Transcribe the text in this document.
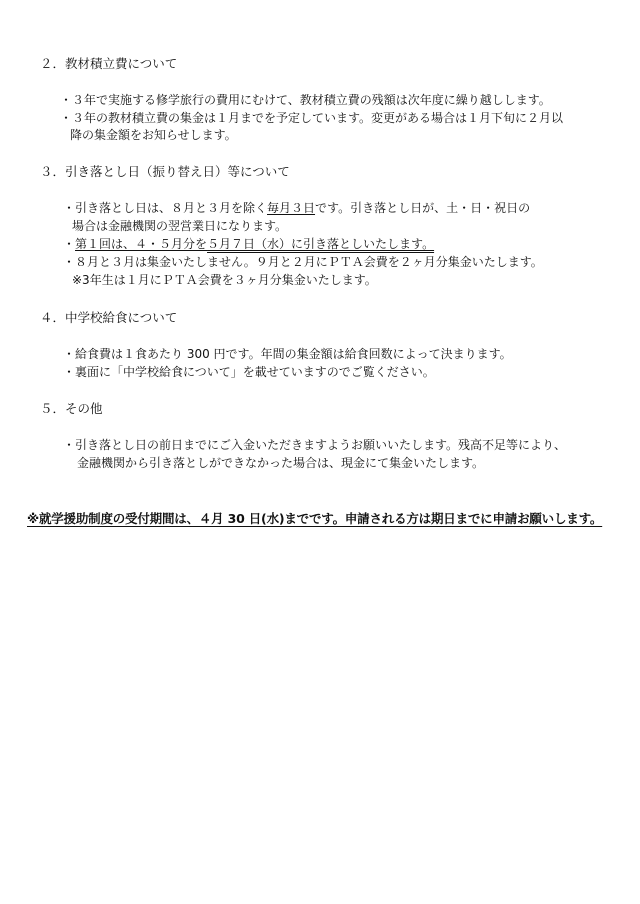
２．教材積立費について
・３年で実施する修学旅行の費用にむけて、教材積立費の残額は次年度に繰り越しします。
・３年の教材積立費の集金は１月までを予定しています。変更がある場合は１月下旬に２月以
降の集金額をお知らせします。
３．引き落とし日（振り替え日）等について
・引き落とし日は、８月と３月を除く毎月３日です。引き落とし日が、土・日・祝日の
場合は金融機関の翌営業日になります。
・第１回は、４・５月分を５月７日（水）に引き落としいたします。
・８月と３月は集金いたしません。９月と２月にＰＴＡ会費を２ヶ月分集金いたします。
※3年生は１月にＰＴＡ会費を３ヶ月分集金いたします。
４．中学校給食について
・給食費は１食あたり 300 円です。年間の集金額は給食回数によって決まります。
・裏面に「中学校給食について」を載せていますのでご覧ください。
５．その他
・引き落とし日の前日までにご入金いただきますようお願いいたします。残高不足等により、
金融機関から引き落としができなかった場合は、現金にて集金いたします。
※就学援助制度の受付期間は、４月 30 日(水)までです。申請される方は期日までに申請お願いします。
